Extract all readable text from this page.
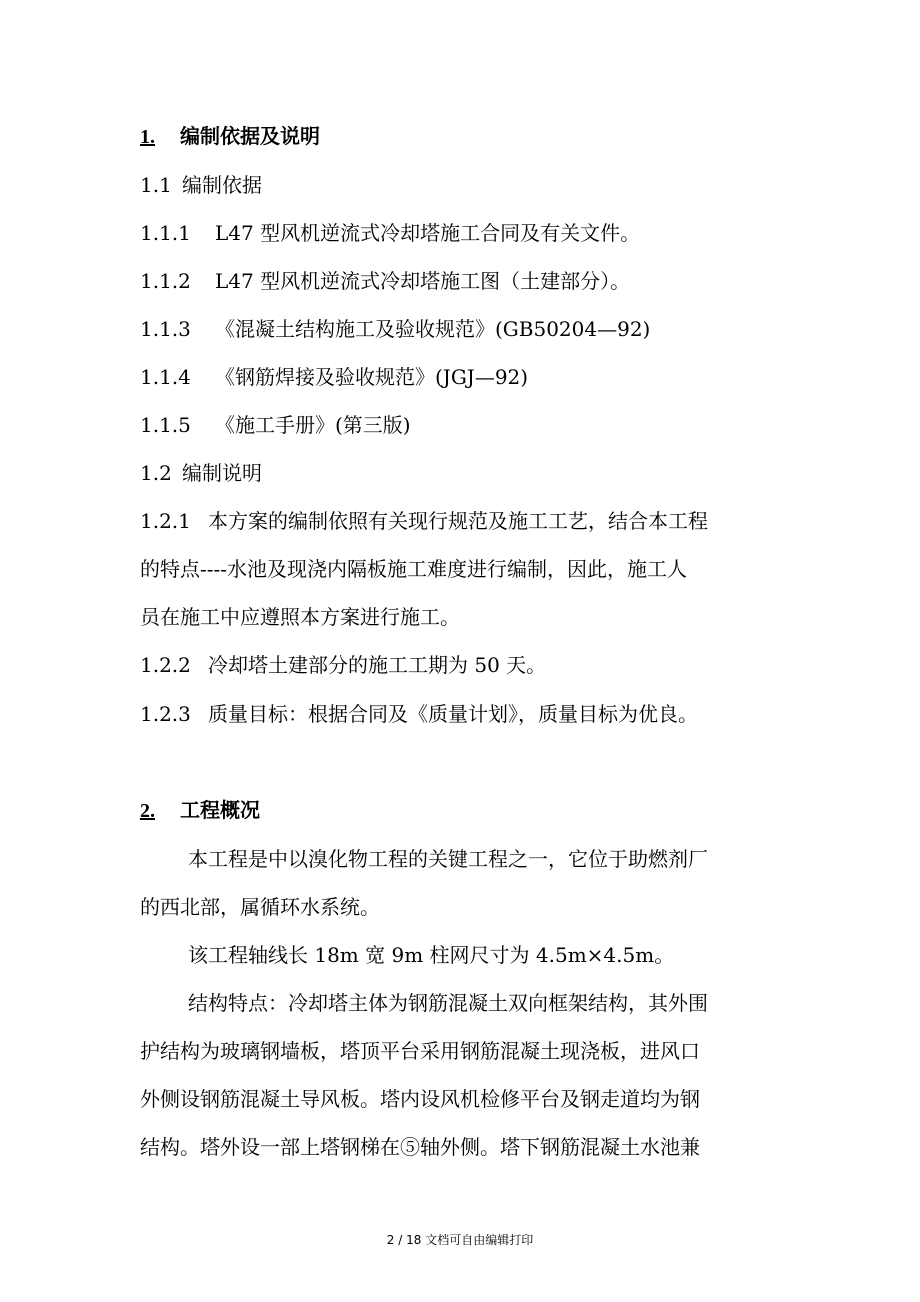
1. 编制依据及说明
1.1 编制依据
1.1.1 L47 型风机逆流式冷却塔施工合同及有关文件。
1.1.2 L47 型风机逆流式冷却塔施工图（土建部分）。
1.1.3 《混凝土结构施工及验收规范》(GB50204—92)
1.1.4 《钢筋焊接及验收规范》(JGJ—92)
1.1.5 《施工手册》(第三版)
1.2 编制说明
1.2.1 本方案的编制依照有关现行规范及施工工艺，结合本工程
的特点----水池及现浇内隔板施工难度进行编制，因此，施工人
员在施工中应遵照本方案进行施工。
1.2.2 冷却塔土建部分的施工工期为 50 天。
1.2.3 质量目标：根据合同及《质量计划》，质量目标为优良。
2. 工程概况
本工程是中以溴化物工程的关键工程之一，它位于助燃剂厂
的西北部，属循环水系统。
该工程轴线长 18m 宽 9m 柱网尺寸为 4.5m×4.5m。
结构特点：冷却塔主体为钢筋混凝土双向框架结构，其外围
护结构为玻璃钢墙板，塔顶平台采用钢筋混凝土现浇板，进风口
外侧设钢筋混凝土导风板。塔内设风机检修平台及钢走道均为钢
结构。塔外设一部上塔钢梯在⑤轴外侧。塔下钢筋混凝土水池兼
2 / 18 文档可自由编辑打印
